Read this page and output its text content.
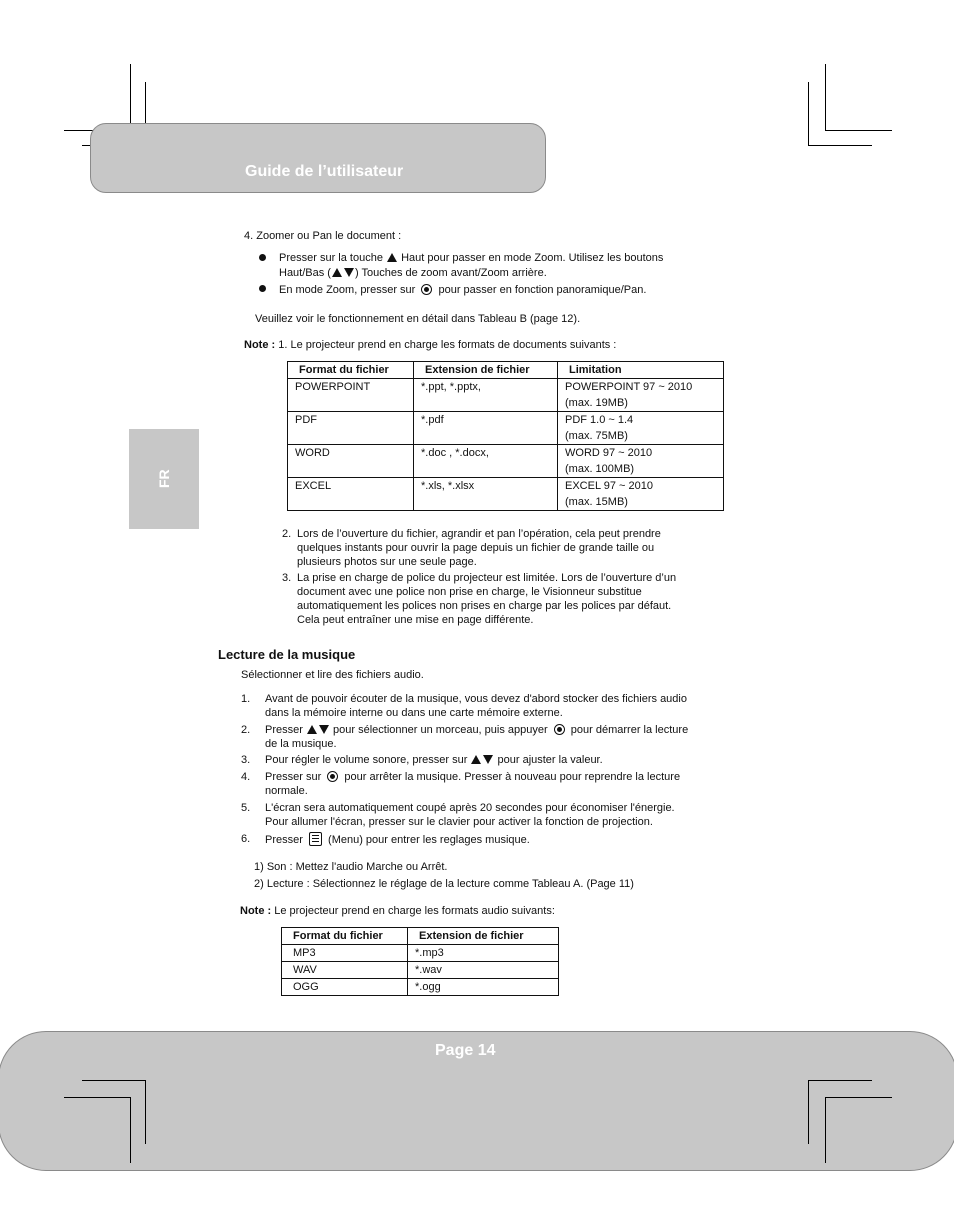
Guide de l’utilisateur
FR
4. Zoomer ou Pan le document :
Presser sur la touche Haut pour passer en mode Zoom. Utilisez les boutons
Haut/Bas ( ) Touches de zoom avant/Zoom arrière.
En mode Zoom, presser sur pour passer en fonction panoramique/Pan.
Veuillez voir le fonctionnement en détail dans Tableau B (page 12).
Note : 1. Le projecteur prend en charge les formats de documents suivants :
Format du fichier	Extension de fichier	Limitation
POWERPOINT	*.ppt, *.pptx,	POWERPOINT 97 ~ 2010
(max. 19MB)

PDF	*.pdf	PDF 1.0 ~ 1.4
(max. 75MB)

WORD	*.doc , *.docx,	WORD 97 ~ 2010
(max. 100MB)

EXCEL	*.xls, *.xlsx	EXCEL 97 ~ 2010
(max. 15MB)
2. Lors de l’ouverture du fichier, agrandir et pan l’opération, cela peut prendre
quelques instants pour ouvrir la page depuis un fichier de grande taille ou
plusieurs photos sur une seule page.
3. La prise en charge de police du projecteur est limitée. Lors de l’ouverture d’un
document avec une police non prise en charge, le Visionneur substitue
automatiquement les polices non prises en charge par les polices par défaut.
Cela peut entraîner une mise en page différente.
Lecture de la musique
Sélectionner et lire des fichiers audio.
1. Avant de pouvoir écouter de la musique, vous devez d'abord stocker des fichiers audio
dans la mémoire interne ou dans une carte mémoire externe.
2. Presser	pour sélectionner un morceau, puis appuyer pour démarrer la lecture
de la musique.
3. Pour régler le volume sonore, presser sur	pour ajuster la valeur.
4. Presser sur pour arrêter la musique. Presser à nouveau pour reprendre la lecture
normale.
5. L'écran sera automatiquement coupé après 20 secondes pour économiser l'énergie.
Pour allumer l'écran, presser sur le clavier pour activer la fonction de projection.
6. Presser (Menu) pour entrer les reglages musique.
1) Son : Mettez l'audio Marche ou Arrêt.
2) Lecture : Sélectionnez le réglage de la lecture comme Tableau A. (Page 11)
Note : Le projecteur prend en charge les formats audio suivants:
Format du fichier	Extension de fichier
MP3	*.mp3
WAV	*.wav
OGG	*.ogg
Page 14
